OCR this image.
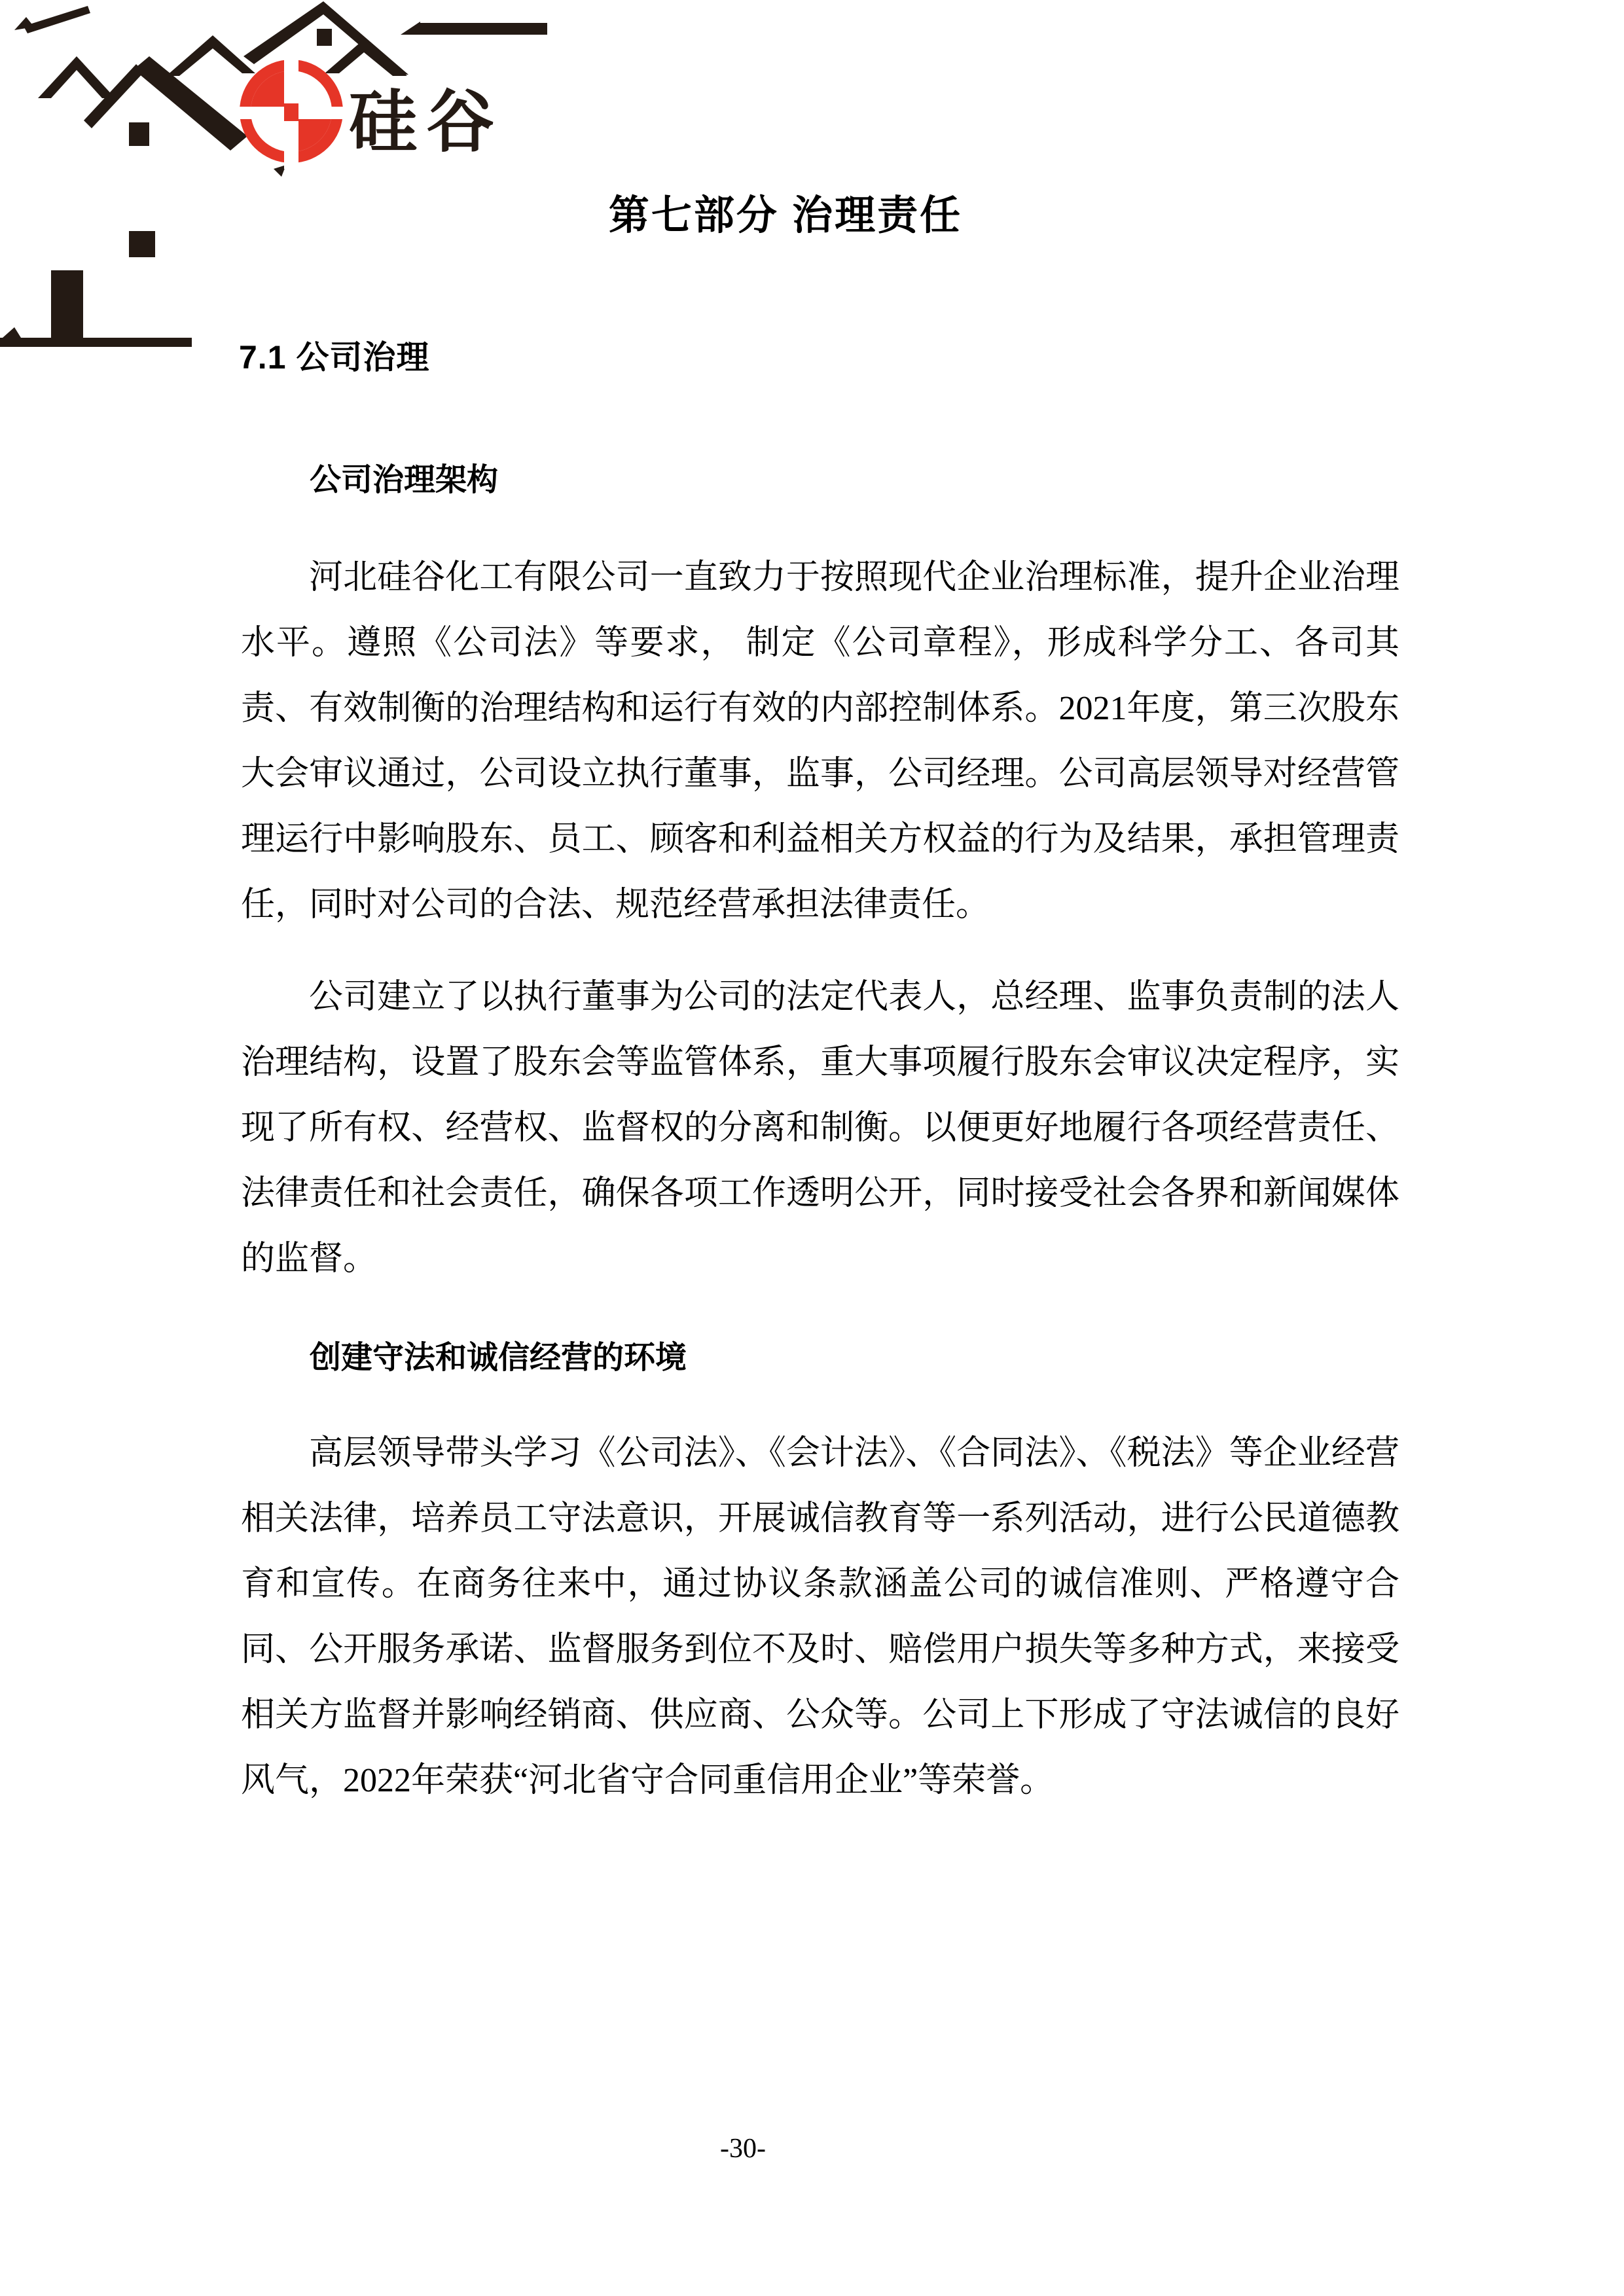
硅谷
第七部分 治理责任
7.1 公司治理
公司治理架构

河北硅谷化工有限公司一直致力于按照现代企业治理标准，提升企业治理水平。遵照《公司法》等要求， 制定《公司章程》，形成科学分工、各司其责、有效制衡的治理结构和运行有效的内部控制体系。2021年度，第三次股东大会审议通过，公司设立执行董事，监事，公司经理。公司高层领导对经营管理运行中影响股东、员工、顾客和利益相关方权益的行为及结果，承担管理责任，同时对公司的合法、规范经营承担法律责任。

公司建立了以执行董事为公司的法定代表人，总经理、监事负责制的法人治理结构，设置了股东会等监管体系，重大事项履行股东会审议决定程序，实现了所有权、经营权、监督权的分离和制衡。以便更好地履行各项经营责任、法律责任和社会责任，确保各项工作透明公开，同时接受社会各界和新闻媒体的监督。

创建守法和诚信经营的环境

高层领导带头学习《公司法》、《会计法》、《合同法》、《税法》等企业经营相关法律，培养员工守法意识，开展诚信教育等一系列活动，进行公民道德教育和宣传。在商务往来中，通过协议条款涵盖公司的诚信准则、严格遵守合同、公开服务承诺、监督服务到位不及时、赔偿用户损失等多种方式，来接受相关方监督并影响经销商、供应商、公众等。公司上下形成了守法诚信的良好风气，2022年荣获“河北省守合同重信用企业”等荣誉。

-30-
